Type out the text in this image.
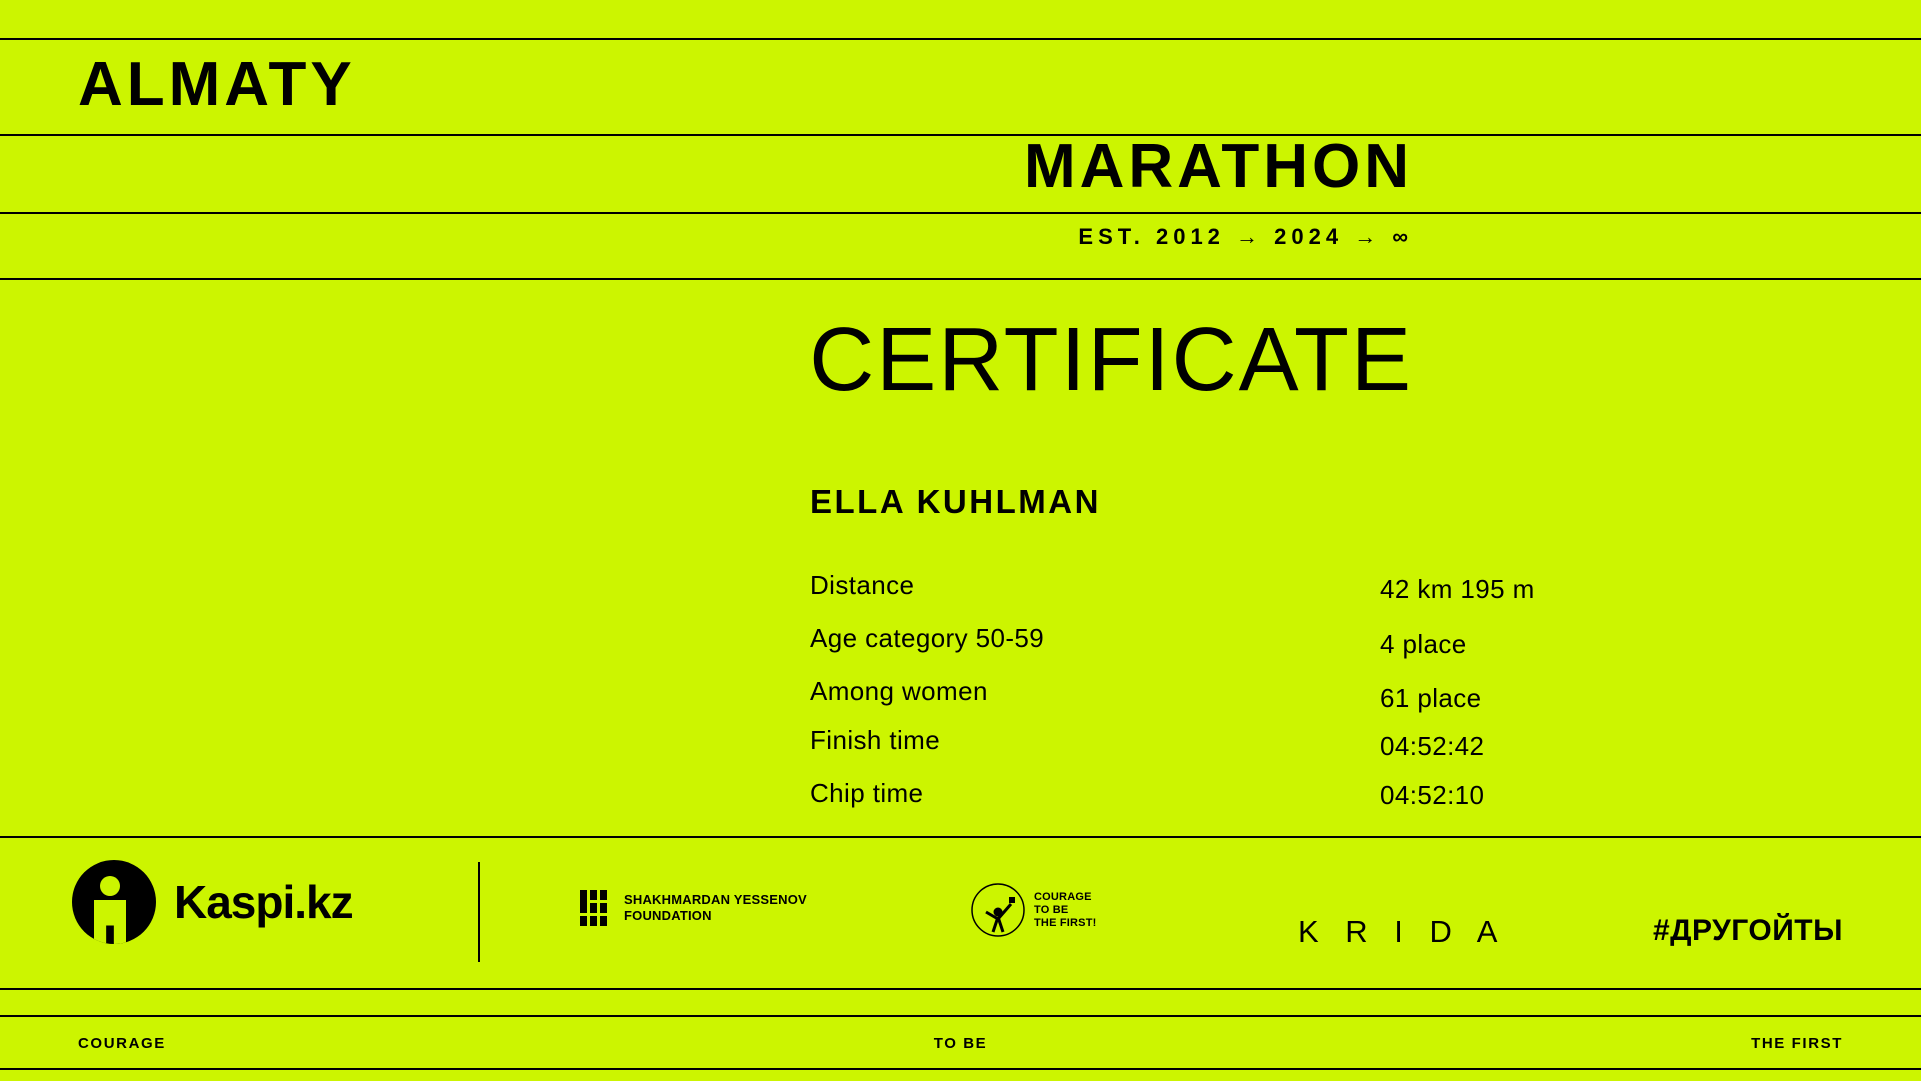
ALMATY
MARATHON
EST. 2012 → 2024 → ∞
CERTIFICATE
ELLA KUHLMAN
Distance	42 km 195 m
Age category 50-59	4 place
Among women	61 place
Finish time	04:52:42
Chip time	04:52:10
Kaspi.kz	SHAKHMARDAN YESSENOV
FOUNDATION
COURAGE
TO BE
THE FIRST!	K R I D A	#ДРУГОЙТЫ
COURAGE	TO BE	THE FIRST
